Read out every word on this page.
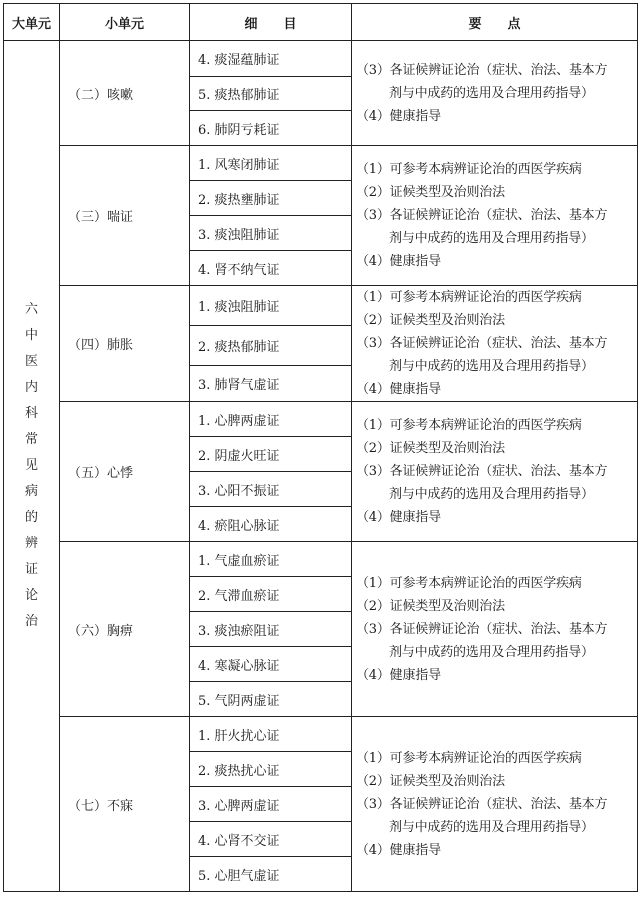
大单元	小单元	细目	要点
六中医内科常见病的辨证论治	（二）咳嗽	4. 痰湿蕴肺证	（3）各证候辨证论治（症状、治法、基本方
剂与中成药的选用及合理用药指导）
（4）健康指导

		5. 痰热郁肺证	
		6. 肺阴亏耗证	
	（三）喘证	1. 风寒闭肺证	（1）可参考本病辨证论治的西医学疾病
（2）证候类型及治则治法
（3）各证候辨证论治（症状、治法、基本方
剂与中成药的选用及合理用药指导）
（4）健康指导

		2. 痰热壅肺证	
		3. 痰浊阻肺证	
		4. 肾不纳气证	
	（四）肺胀	1. 痰浊阻肺证	（1）可参考本病辨证论治的西医学疾病
（2）证候类型及治则治法
（3）各证候辨证论治（症状、治法、基本方
剂与中成药的选用及合理用药指导）
（4）健康指导

		2. 痰热郁肺证	
		3. 肺肾气虚证	
	（五）心悸	1. 心脾两虚证	（1）可参考本病辨证论治的西医学疾病
（2）证候类型及治则治法
（3）各证候辨证论治（症状、治法、基本方
剂与中成药的选用及合理用药指导）
（4）健康指导

		2. 阴虚火旺证	
		3. 心阳不振证	
		4. 瘀阻心脉证	
	（六）胸痹	1. 气虚血瘀证	（1）可参考本病辨证论治的西医学疾病
（2）证候类型及治则治法
（3）各证候辨证论治（症状、治法、基本方
剂与中成药的选用及合理用药指导）
（4）健康指导

		2. 气滞血瘀证	
		3. 痰浊瘀阻证	
		4. 寒凝心脉证	
		5. 气阴两虚证	
	（七）不寐	1. 肝火扰心证	（1）可参考本病辨证论治的西医学疾病
（2）证候类型及治则治法
（3）各证候辨证论治（症状、治法、基本方
剂与中成药的选用及合理用药指导）
（4）健康指导

		2. 痰热扰心证	
		3. 心脾两虚证	
		4. 心肾不交证	
		5. 心胆气虚证	
